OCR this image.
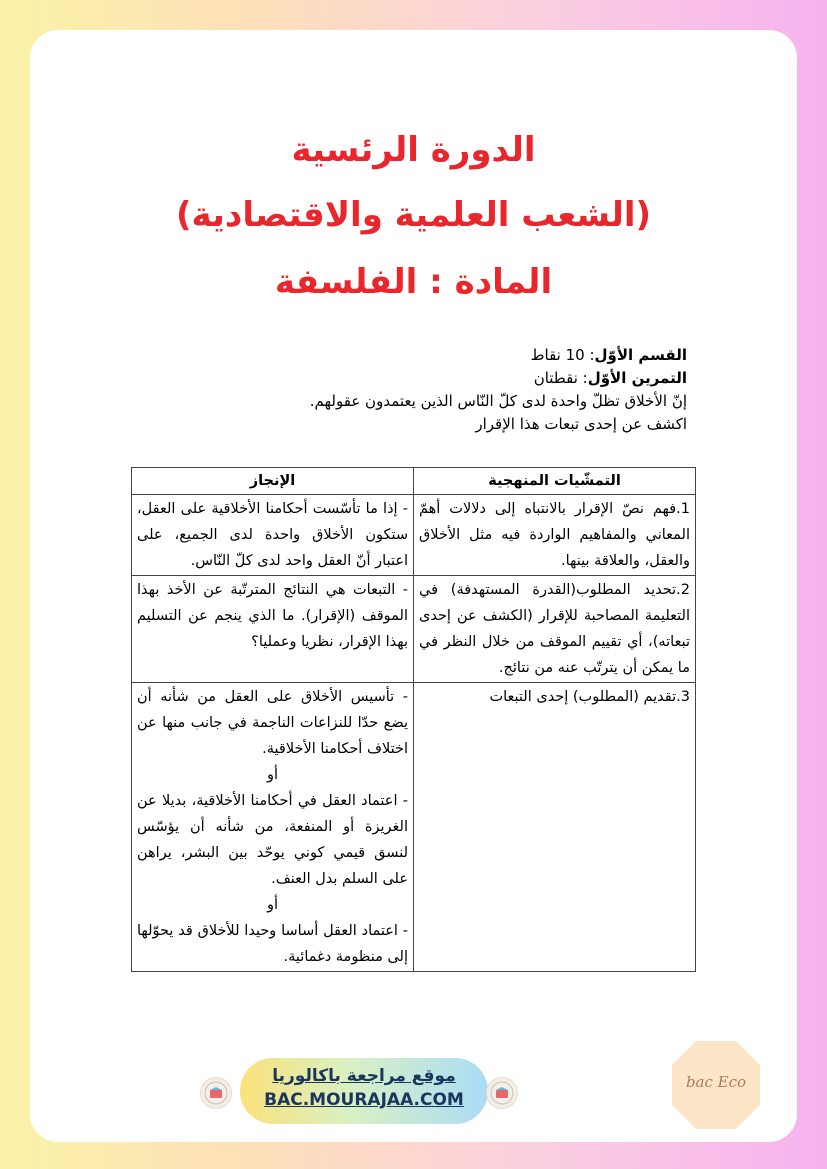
الدورة الرئسية
(الشعب العلمية والاقتصادية)
المادة : الفلسفة

القسم الأوّل: 10 نقاط

التمرين الأوّل: نقطتان

إنّ الأخلاق تظلّ واحدة لدى كلّ النّاس الذين يعتمدون عقولهم.

اكشف عن إحدى تبعات هذا الإقرار

التمشّيات المنهجية	الإنجاز
1.فهم نصّ الإقرار بالانتباه إلى دلالات أهمّ المعاني والمفاهيم الواردة فيه مثل الأخلاق والعقل، والعلاقة بينها.	- إذا ما تأسّست أحكامنا الأخلاقية على العقل، ستكون الأخلاق واحدة لدى الجميع، على اعتبار أنّ العقل واحد لدى كلّ النّاس.
2.تحديد المطلوب(القدرة المستهدفة) في التعليمة المصاحبة للإقرار (الكشف عن إحدى تبعاته)، أي تقييم الموقف من خلال النظر في ما يمكن أن يترتّب عنه من نتائج.	- التبعات هي النتائج المترتّبة عن الأخذ بهذا الموقف (الإقرار). ما الذي ينجم عن التسليم بهذا الإقرار، نظريا وعمليا؟
3.تقديم (المطلوب) إحدى التبعات	- تأسيس الأخلاق على العقل من شأنه أن يضع حدّا للنزاعات الناجمة في جانب منها عن اختلاف أحكامنا الأخلاقية.
أو
- اعتماد العقل في أحكامنا الأخلاقية، بديلا عن الغريزة أو المنفعة، من شأنه أن يؤسّس لنسق قيمي كوني يوحّد بين البشر، يراهن على السلم بدل العنف.
أو
- اعتماد العقل أساسا وحيدا للأخلاق قد يحوّلها إلى منظومة دغمائية.
موقع مراجعة باكالوريا
BAC.MOURAJAA.COM
bac Eco
